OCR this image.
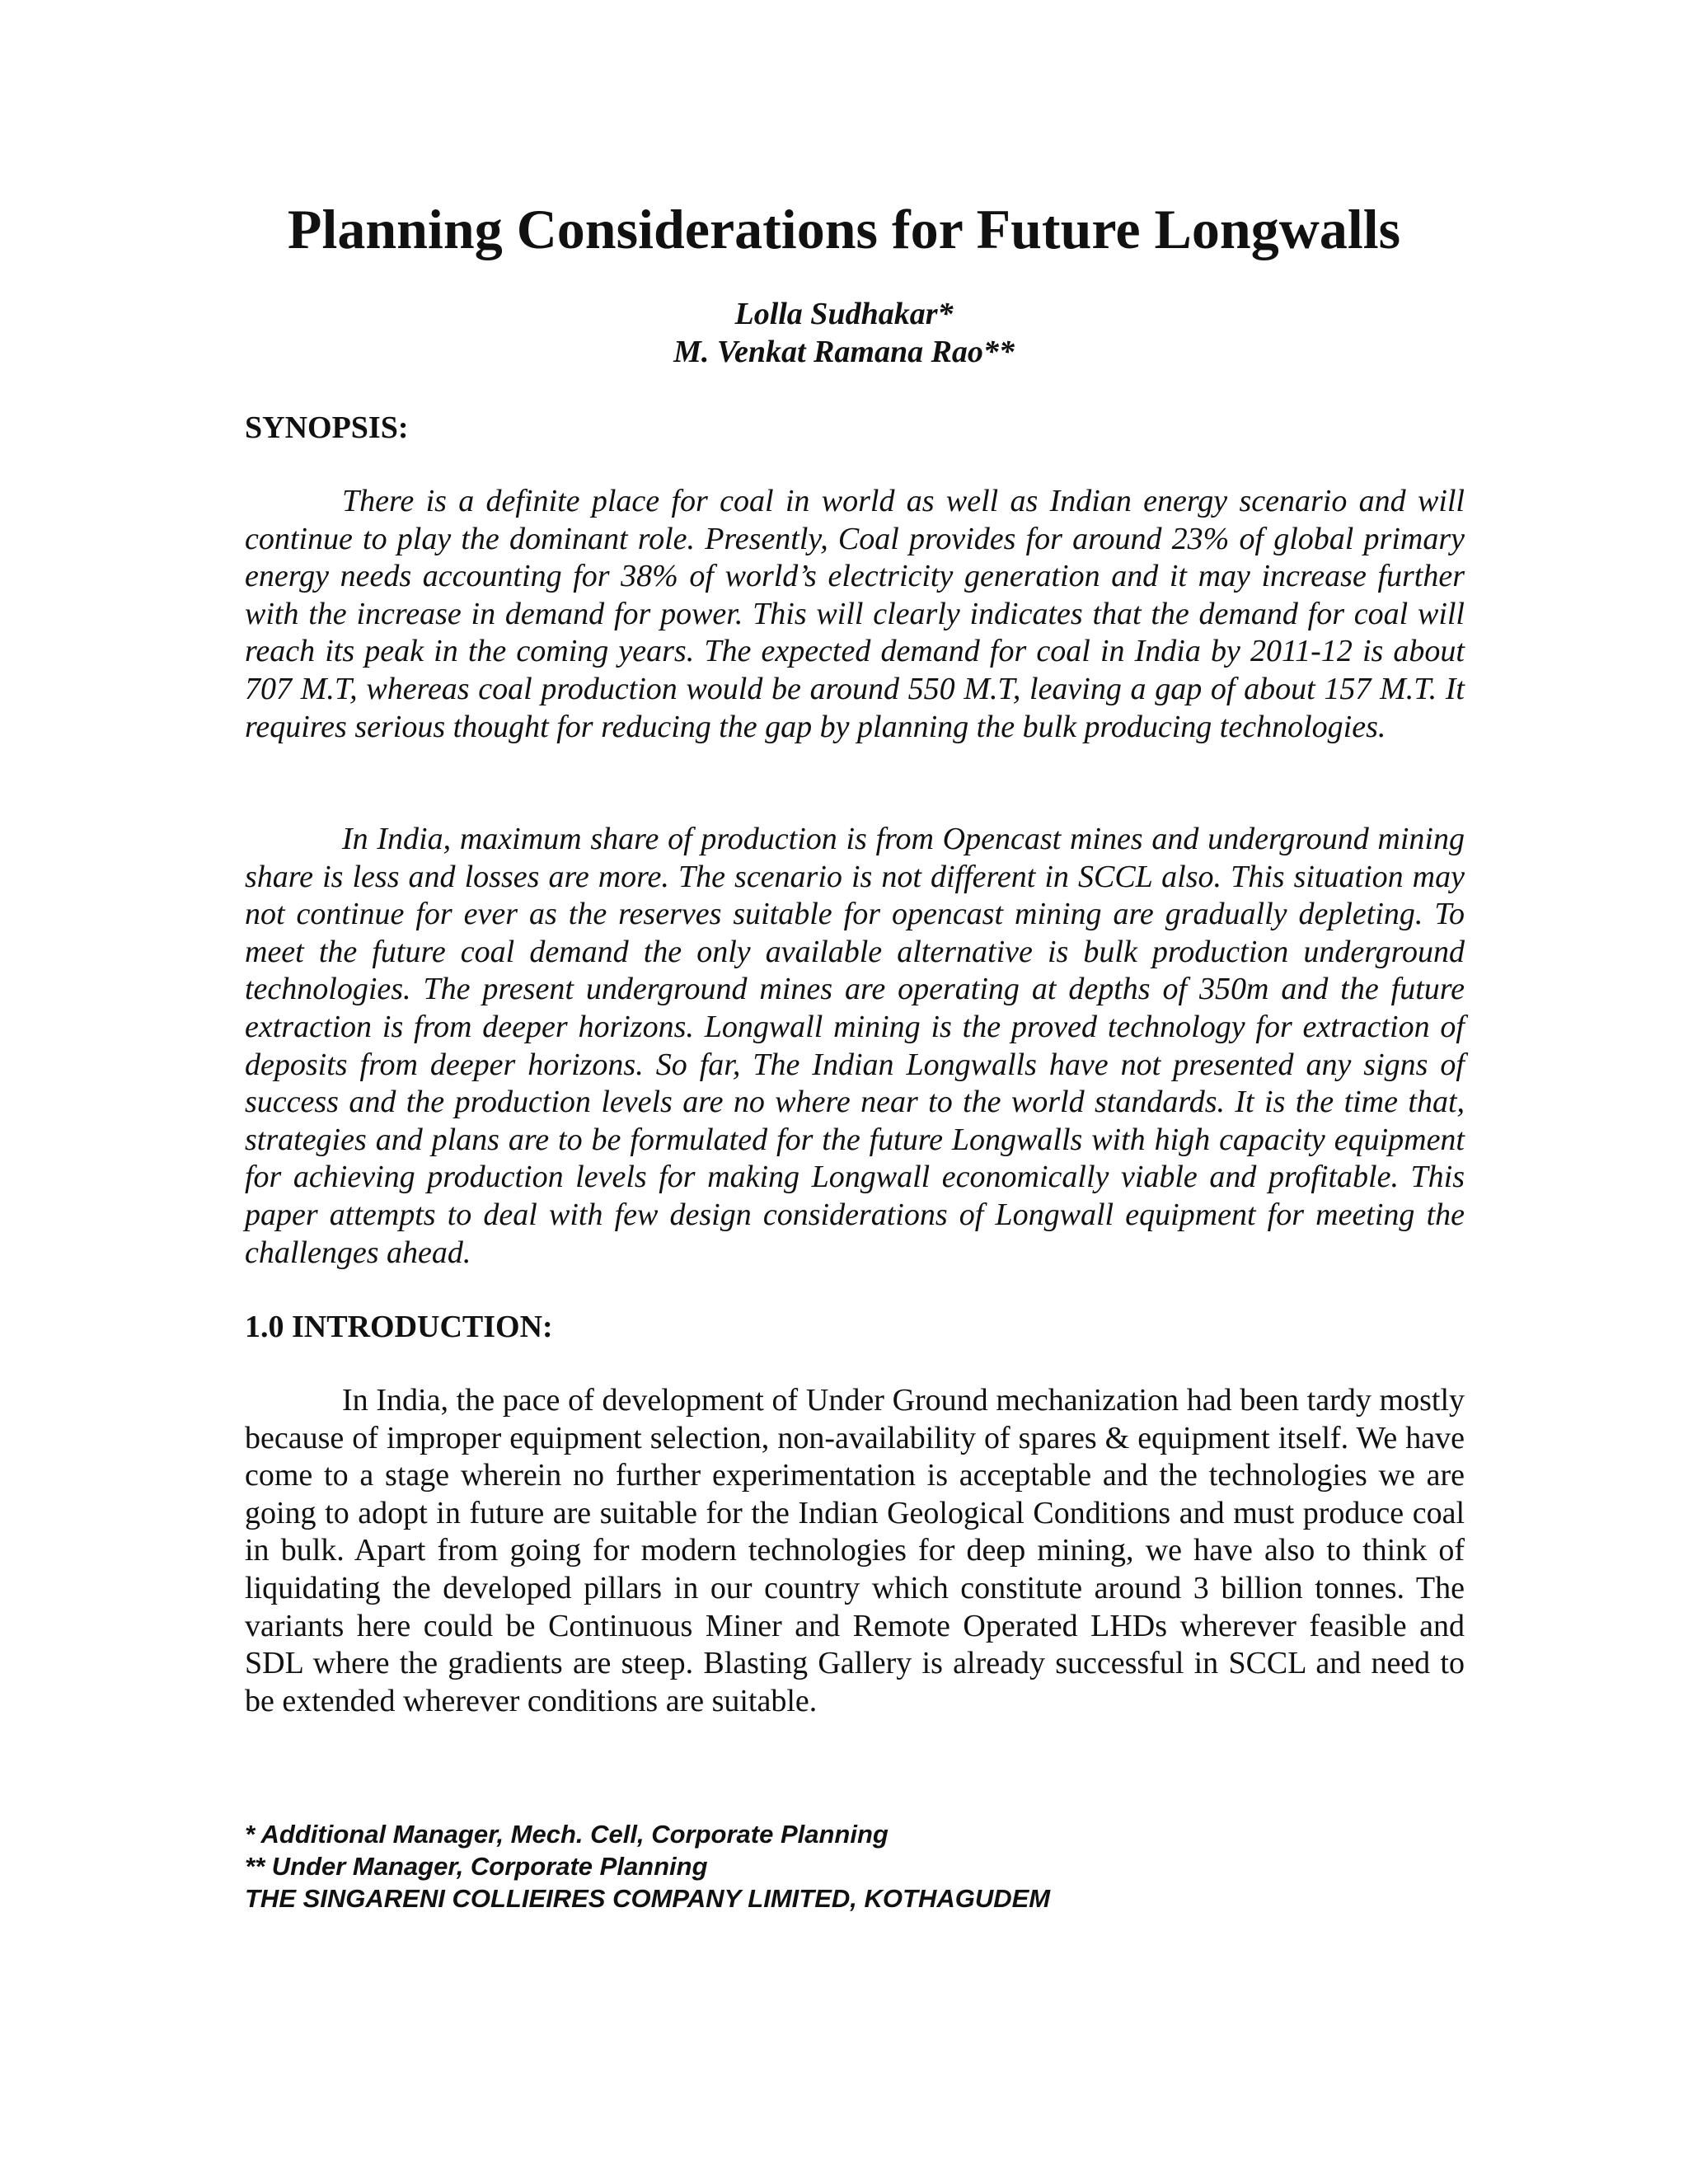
Planning Considerations for Future Longwalls
Lolla Sudhakar*
M. Venkat Ramana Rao**
SYNOPSIS:

There is a definite place for coal in world as well as Indian energy scenario and will continue to play the dominant role. Presently, Coal provides for around 23% of global primary energy needs accounting for 38% of world’s electricity generation and it may increase further with the increase in demand for power. This will clearly indicates that the demand for coal will reach its peak in the coming years. The expected demand for coal in India by 2011-12 is about 707 M.T, whereas coal production would be around 550 M.T, leaving a gap of about 157 M.T. It requires serious thought for reducing the gap by planning the bulk producing technologies.

In India, maximum share of production is from Opencast mines and underground mining share is less and losses are more. The scenario is not different in SCCL also. This situation may not continue for ever as the reserves suitable for opencast mining are gradually depleting. To meet the future coal demand the only available alternative is bulk production underground technologies. The present underground mines are operating at depths of 350m and the future extraction is from deeper horizons. Longwall mining is the proved technology for extraction of deposits from deeper horizons. So far, The Indian Longwalls have not presented any signs of success and the production levels are no where near to the world standards. It is the time that, strategies and plans are to be formulated for the future Longwalls with high capacity equipment for achieving production levels for making Longwall economically viable and profitable. This paper attempts to deal with few design considerations of Longwall equipment for meeting the challenges ahead.

1.0 INTRODUCTION:

In India, the pace of development of Under Ground mechanization had been tardy mostly because of improper equipment selection, non-availability of spares & equipment itself. We have come to a stage wherein no further experimentation is acceptable and the technologies we are going to adopt in future are suitable for the Indian Geological Conditions and must produce coal in bulk. Apart from going for modern technologies for deep mining, we have also to think of liquidating the developed pillars in our country which constitute around 3 billion tonnes. The variants here could be Continuous Miner and Remote Operated LHDs wherever feasible and SDL where the gradients are steep. Blasting Gallery is already successful in SCCL and need to be extended wherever conditions are suitable.

* Additional Manager, Mech. Cell, Corporate Planning
** Under Manager, Corporate Planning
THE SINGARENI COLLIEIRES COMPANY LIMITED, KOTHAGUDEM
